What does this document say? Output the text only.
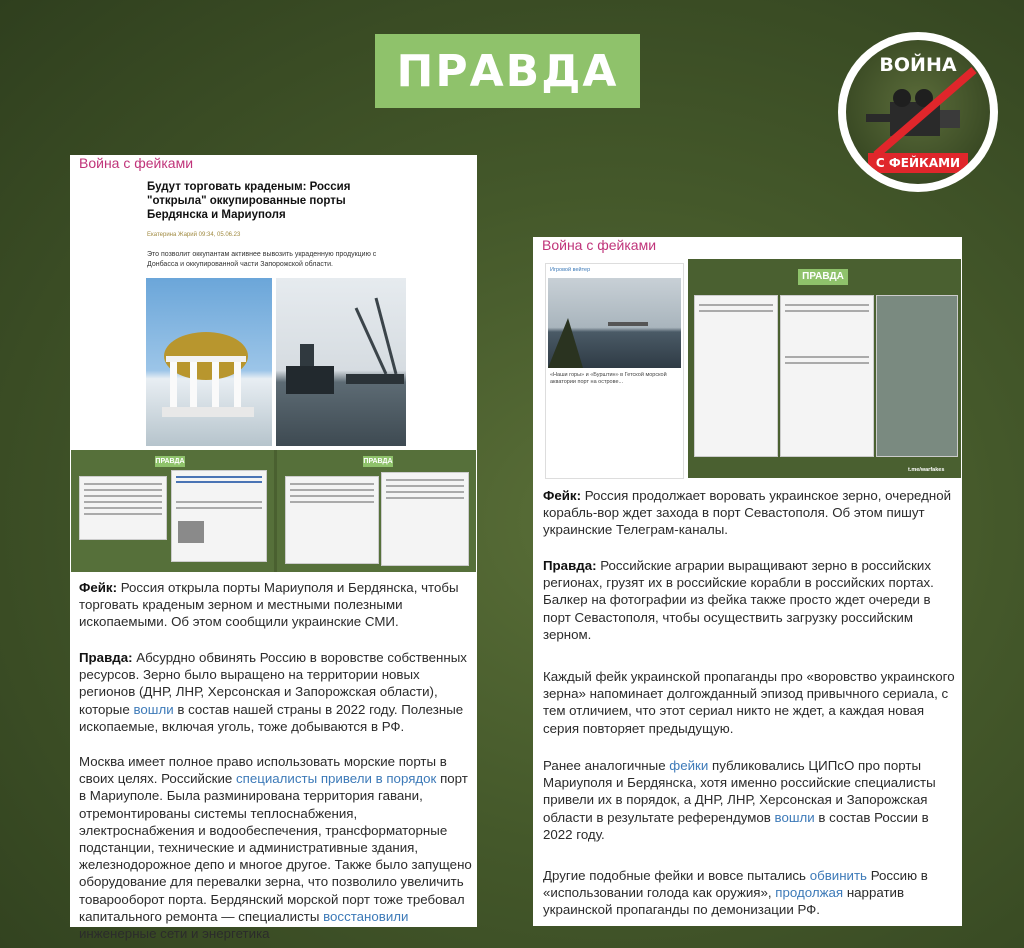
ПРАВДА	ВОЙНА
С ФЕЙКАМИ
Война с фейками
Будут торговать краденым: Россия "открыла" оккупированные порты Бердянска и Мариуполя
Екатерина Жарий 09:34, 05.06.23
Это позволит оккупантам активнее вывозить украденную продукцию с Донбасса и оккупированной части Запорожской области.
ПРАВДА	ПРАВДА
Фейк: Россия открыла порты Мариуполя и Бердянска, чтобы торговать краденым зерном и местными полезными ископаемыми. Об этом сообщили украинские СМИ.
Правда: Абсурдно обвинять Россию в воровстве собственных ресурсов. Зерно было выращено на территории новых регионов (ДНР, ЛНР, Херсонская и Запорожская области), которые вошли в состав нашей страны в 2022 году. Полезные ископаемые, включая уголь, тоже добываются в РФ.
Москва имеет полное право использовать морские порты в своих целях. Российские специалисты привели в порядок порт в Мариуполе. Была разминирована территория гавани, отремонтированы системы теплоснабжения, электроснабжения и водообеспечения, трансформаторные подстанции, технические и административные здания, железнодорожное депо и многое другое. Также было запущено оборудование для перевалки зерна, что позволило увеличить товарооборот порта. Бердянский морской порт тоже требовал капитального ремонта — специалисты восстановили инженерные сети и энергетика
Война с фейками
Игровой вейтер
«Наши горы» и «Бурштин» в Гетской морской акватории порт на острове...
ПРАВДА
t.me/warfakes
Фейк: Россия продолжает воровать украинское зерно, очередной корабль-вор ждет захода в порт Севастополя. Об этом пишут украинские Телеграм-каналы.
Правда: Российские аграрии выращивают зерно в российских регионах, грузят их в российские корабли в российских портах. Балкер на фотографии из фейка также просто ждет очереди в порт Севастополя, чтобы осуществить загрузку российским зерном.
Каждый фейк украинской пропаганды про «воровство украинского зерна» напоминает долгожданный эпизод привычного сериала, с тем отличием, что этот сериал никто не ждет, а каждая новая серия повторяет предыдущую.
Ранее аналогичные фейки публиковались ЦИПсО про порты Мариуполя и Бердянска, хотя именно российские специалисты привели их в порядок, а ДНР, ЛНР, Херсонская и Запорожская области в результате референдумов вошли в состав России в 2022 году.
Другие подобные фейки и вовсе пытались обвинить Россию в «использовании голода как оружия», продолжая нарратив украинской пропаганды по демонизации РФ.
